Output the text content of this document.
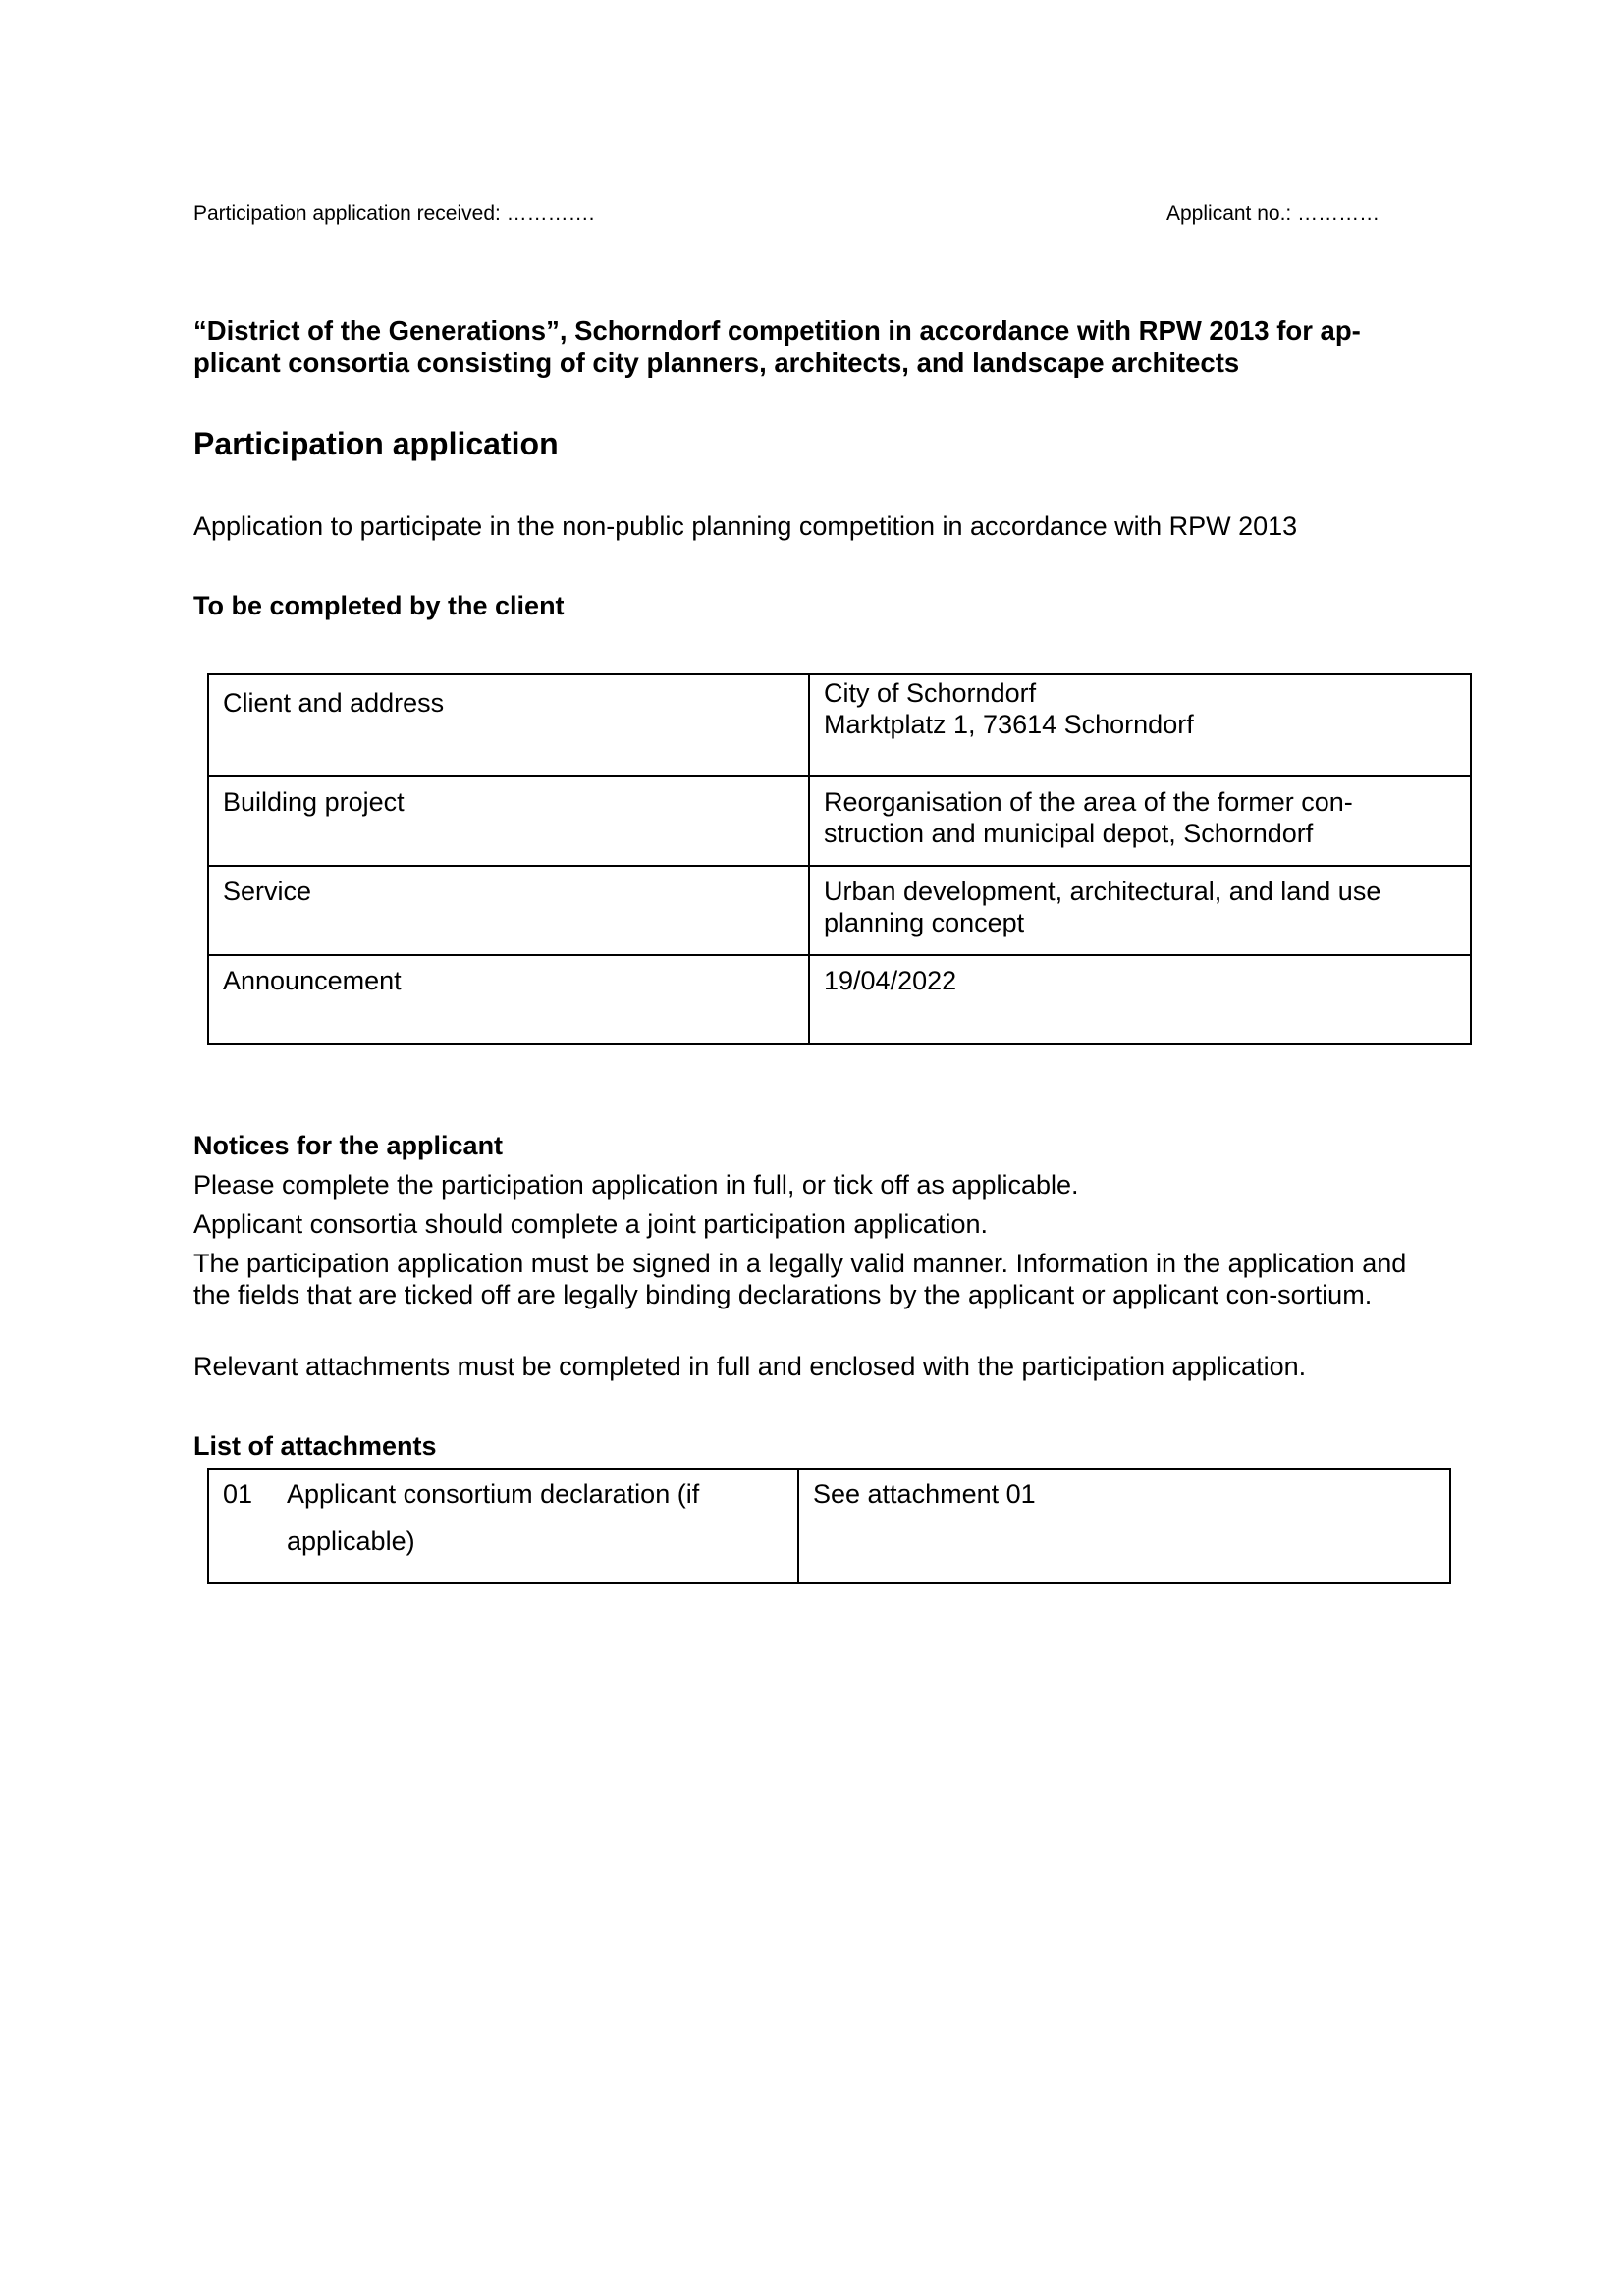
Participation application received: ………….	Applicant no.: …………
“District of the Generations”, Schorndorf competition in accordance with RPW 2013 for ap-plicant consortia consisting of city planners, architects, and landscape architects
Participation application
Application to participate in the non-public planning competition in accordance with RPW 2013
To be completed by the client
Client and address	City of Schorndorf
Marktplatz 1, 73614 Schorndorf
Building project	Reorganisation of the area of the former con-
struction and municipal depot, Schorndorf
Service	Urban development, architectural, and land use
planning concept
Announcement	19/04/2022
Notices for the applicant
Please complete the participation application in full, or tick off as applicable.
Applicant consortia should complete a joint participation application.
The participation application must be signed in a legally valid manner. Information in the application and the fields that are ticked off are legally binding declarations by the applicant or applicant con-sortium.
Relevant attachments must be completed in full and enclosed with the participation application.
List of attachments
01 Applicant consortium declaration (if applicable)	See attachment 01
